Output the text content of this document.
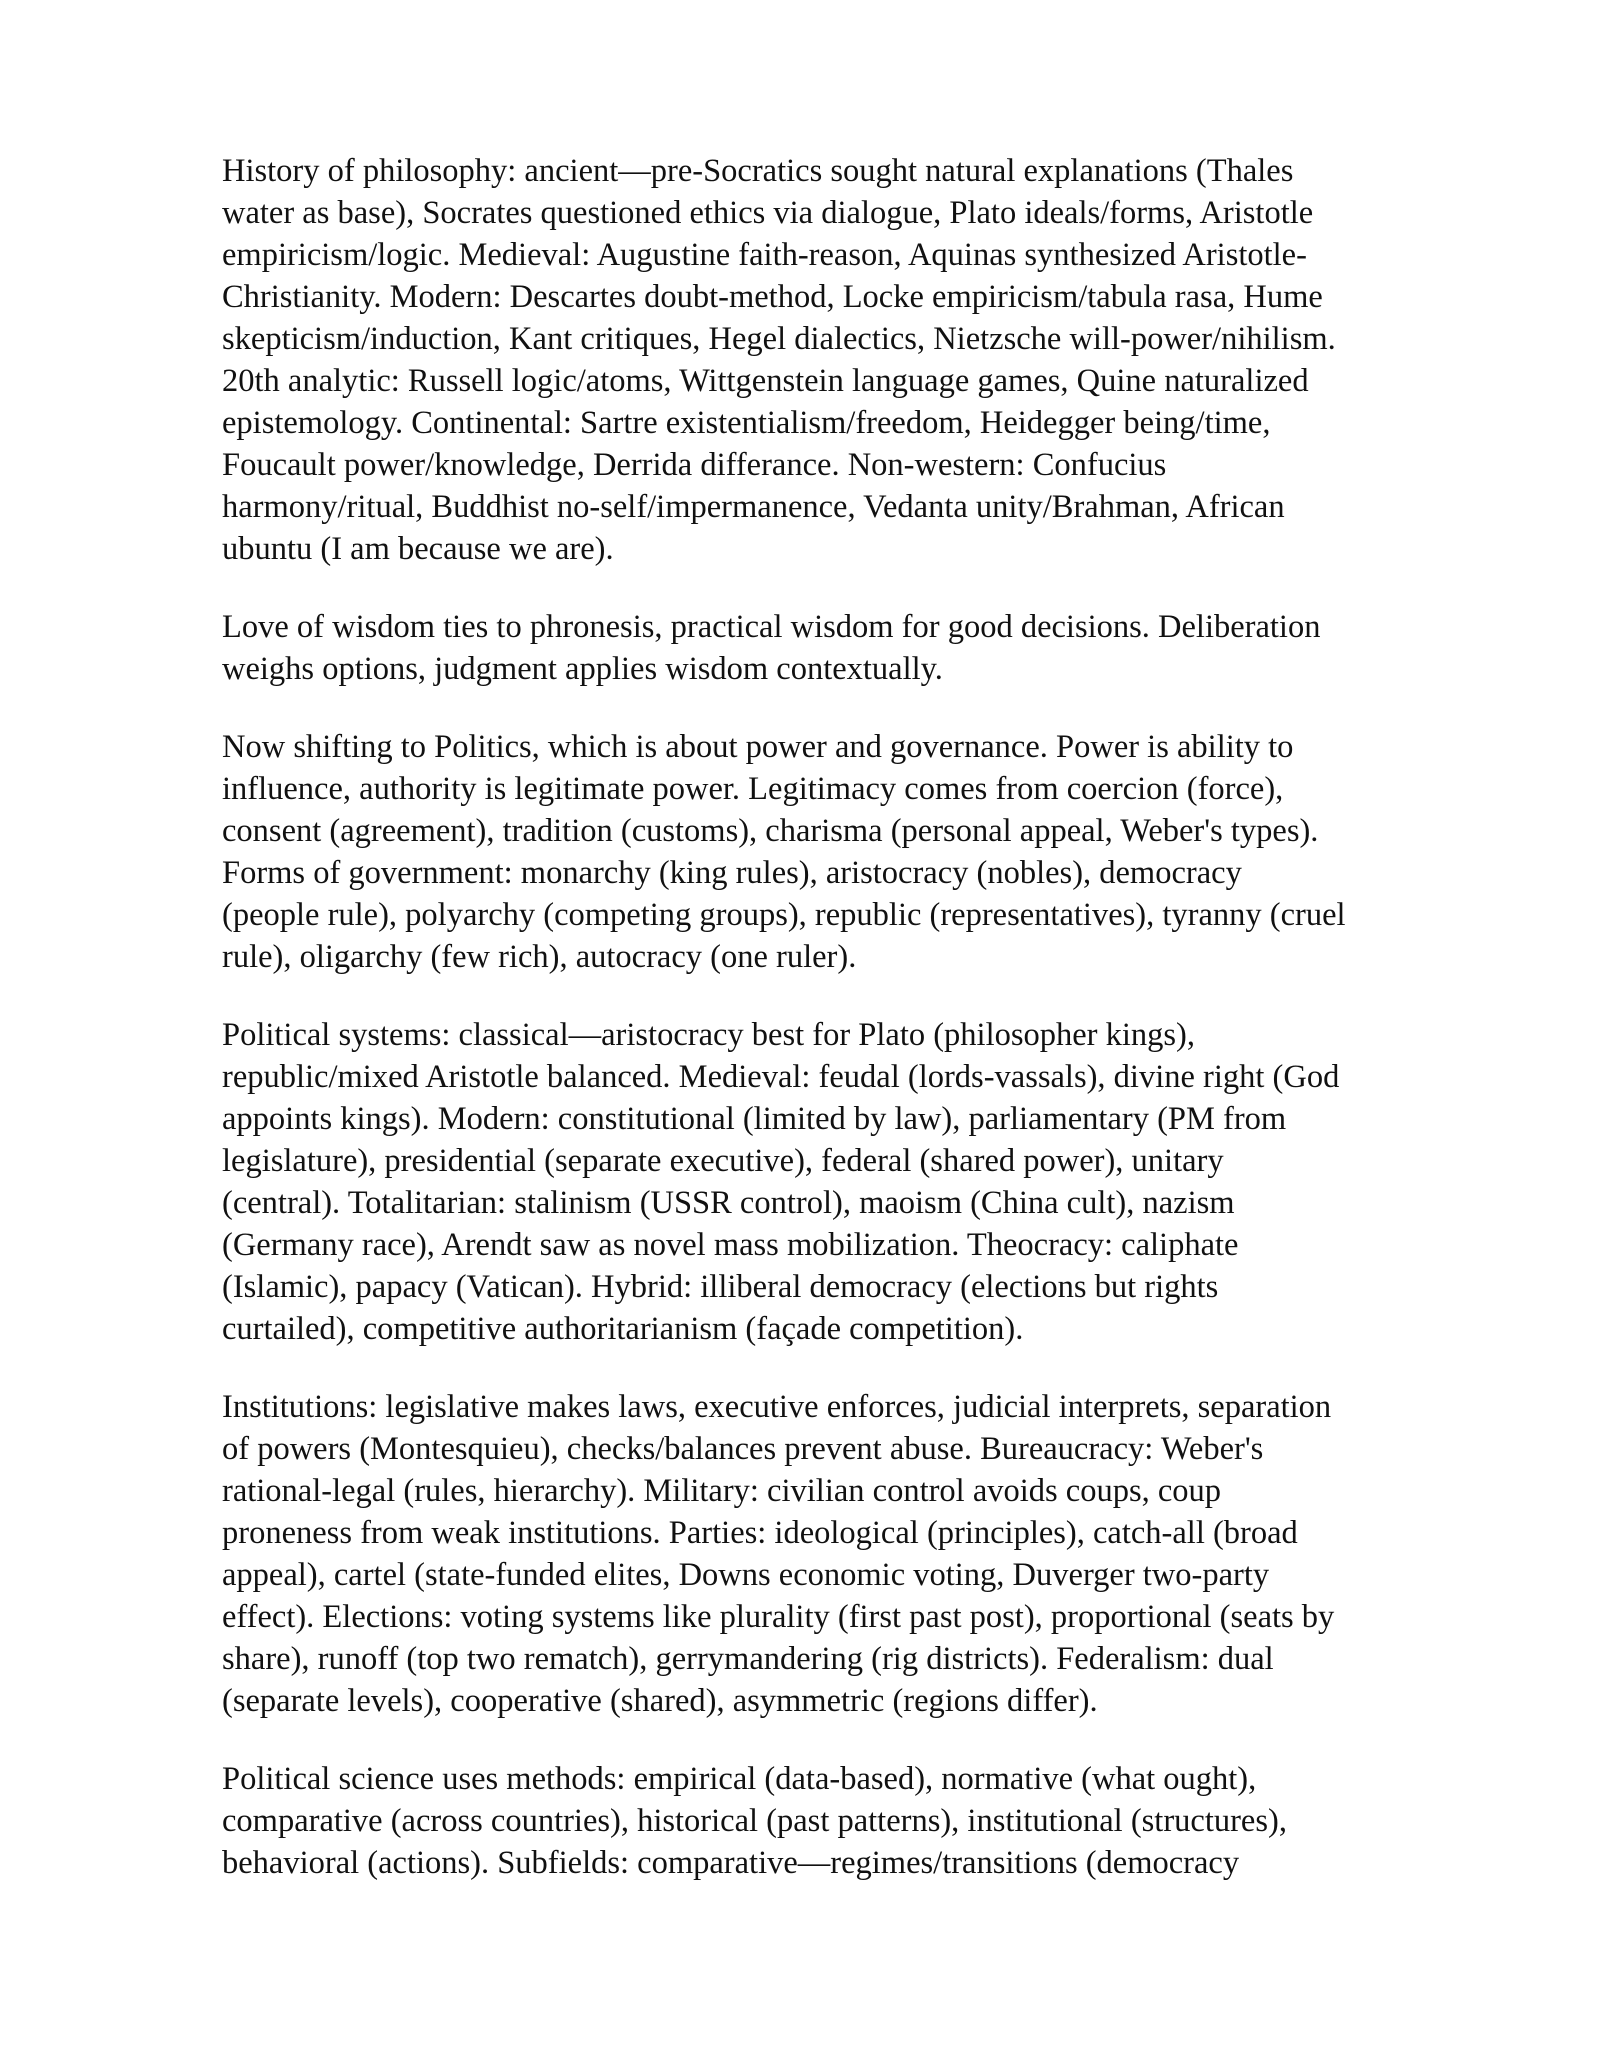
History of philosophy: ancient—pre-Socratics sought natural explanations (Thales
water as base), Socrates questioned ethics via dialogue, Plato ideals/forms, Aristotle
empiricism/logic. Medieval: Augustine faith-reason, Aquinas synthesized Aristotle-
Christianity. Modern: Descartes doubt-method, Locke empiricism/tabula rasa, Hume
skepticism/induction, Kant critiques, Hegel dialectics, Nietzsche will-power/nihilism.
20th analytic: Russell logic/atoms, Wittgenstein language games, Quine naturalized
epistemology. Continental: Sartre existentialism/freedom, Heidegger being/time,
Foucault power/knowledge, Derrida differance. Non-western: Confucius
harmony/ritual, Buddhist no-self/impermanence, Vedanta unity/Brahman, African
ubuntu (I am because we are).

Love of wisdom ties to phronesis, practical wisdom for good decisions. Deliberation
weighs options, judgment applies wisdom contextually.

Now shifting to Politics, which is about power and governance. Power is ability to
influence, authority is legitimate power. Legitimacy comes from coercion (force),
consent (agreement), tradition (customs), charisma (personal appeal, Weber's types).
Forms of government: monarchy (king rules), aristocracy (nobles), democracy
(people rule), polyarchy (competing groups), republic (representatives), tyranny (cruel
rule), oligarchy (few rich), autocracy (one ruler).

Political systems: classical—aristocracy best for Plato (philosopher kings),
republic/mixed Aristotle balanced. Medieval: feudal (lords-vassals), divine right (God
appoints kings). Modern: constitutional (limited by law), parliamentary (PM from
legislature), presidential (separate executive), federal (shared power), unitary
(central). Totalitarian: stalinism (USSR control), maoism (China cult), nazism
(Germany race), Arendt saw as novel mass mobilization. Theocracy: caliphate
(Islamic), papacy (Vatican). Hybrid: illiberal democracy (elections but rights
curtailed), competitive authoritarianism (façade competition).

Institutions: legislative makes laws, executive enforces, judicial interprets, separation
of powers (Montesquieu), checks/balances prevent abuse. Bureaucracy: Weber's
rational-legal (rules, hierarchy). Military: civilian control avoids coups, coup
proneness from weak institutions. Parties: ideological (principles), catch-all (broad
appeal), cartel (state-funded elites, Downs economic voting, Duverger two-party
effect). Elections: voting systems like plurality (first past post), proportional (seats by
share), runoff (top two rematch), gerrymandering (rig districts). Federalism: dual
(separate levels), cooperative (shared), asymmetric (regions differ).

Political science uses methods: empirical (data-based), normative (what ought),
comparative (across countries), historical (past patterns), institutional (structures),
behavioral (actions). Subfields: comparative—regimes/transitions (democracy
